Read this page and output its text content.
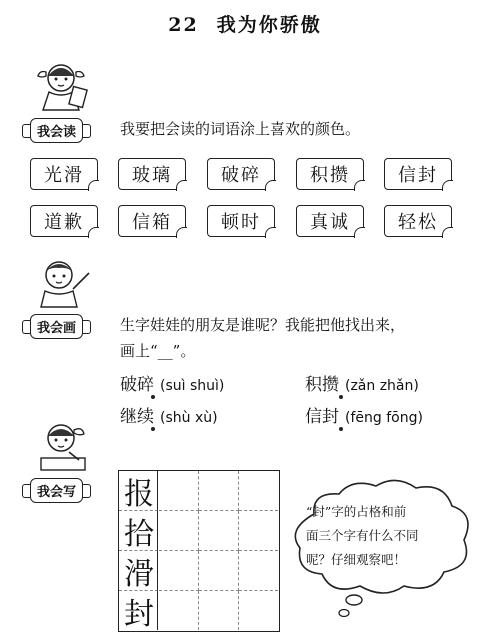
22 我为你骄傲
我会读	我要把会读的词语涂上喜欢的颜色。
光滑	玻璃	破碎	积攒	信封
道歉	信箱	顿时	真诚	轻松
我会画	生字娃娃的朋友是谁呢？我能把他找出来，
画上“__”。
破碎 (suì shuì)	积攒 (zǎn zhǎn)
继续 (shù xù)	信封 (fēng fōng)
我会写 报
拾
滑
封
“封”字的占格和前
面三个字有什么不同
呢？仔细观察吧！
